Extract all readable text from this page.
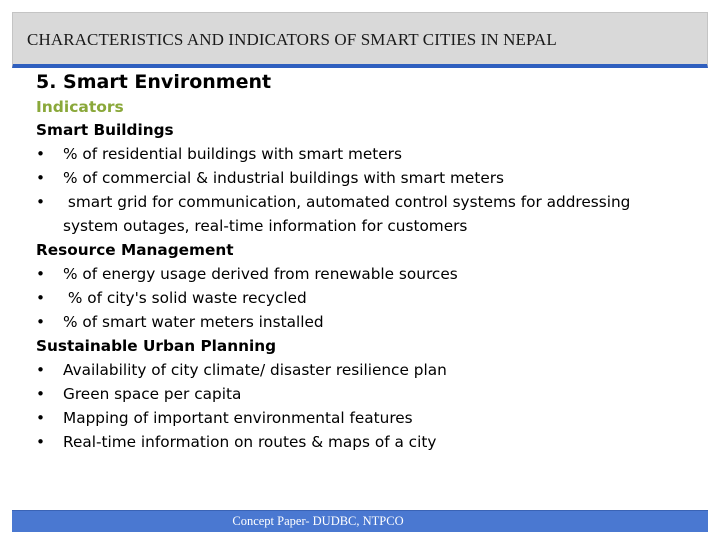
CHARACTERISTICS AND INDICATORS OF SMART CITIES IN NEPAL
5. Smart Environment
Indicators
Smart Buildings
• % of residential buildings with smart meters
• % of commercial & industrial buildings with smart meters
• smart grid for communication, automated control systems for addressing system outages, real-time information for customers
Resource Management
• % of energy usage derived from renewable sources
• % of city's solid waste recycled
• % of smart water meters installed
Sustainable Urban Planning
• Availability of city climate/ disaster resilience plan
• Green space per capita
• Mapping of important environmental features
• Real-time information on routes & maps of a city
Concept Paper- DUDBC, NTPCO
